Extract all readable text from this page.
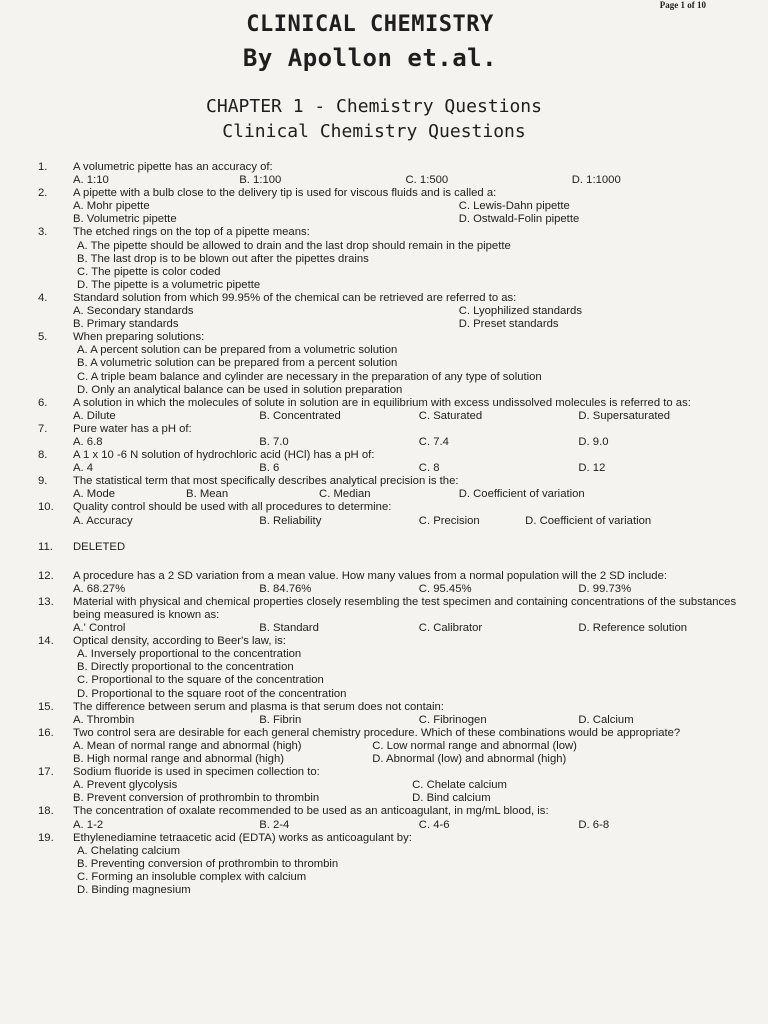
Page 1 of 10
CLINICAL CHEMISTRY
By Apollon et.al.
CHAPTER 1 - Chemistry Questions
Clinical Chemistry Questions
1.	A volumetric pipette has an accuracy of:
A. 1:10	B. 1:100	C. 1:500	D. 1:1000
2.	A pipette with a bulb close to the delivery tip is used for viscous fluids and is called a:
A. Mohr pipette	C. Lewis-Dahn pipette
B. Volumetric pipette	D. Ostwald-Folin pipette
3.	The etched rings on the top of a pipette means:
A. The pipette should be allowed to drain and the last drop should remain in the pipette
B. The last drop is to be blown out after the pipettes drains
C. The pipette is color coded
D. The pipette is a volumetric pipette
4.	Standard solution from which 99.95% of the chemical can be retrieved are referred to as:
A. Secondary standards	C. Lyophilized standards
B. Primary standards	D. Preset standards
5.	When preparing solutions:
A. A percent solution can be prepared from a volumetric solution
B. A volumetric solution can be prepared from a percent solution
C. A triple beam balance and cylinder are necessary in the preparation of any type of solution
D. Only an analytical balance can be used in solution preparation
6.	A solution in which the molecules of solute in solution are in equilibrium with excess undissolved molecules is referred to as:
A. Dilute	B. Concentrated	C. Saturated	D. Supersaturated
7.	Pure water has a pH of:
A. 6.8	B. 7.0	C. 7.4	D. 9.0
8.	A 1 x 10 -6 N solution of hydrochloric acid (HCl) has a pH of:
A. 4	B. 6	C. 8	D. 12
9.	The statistical term that most specifically describes analytical precision is the:
A. Mode	B. Mean	C. Median	D. Coefficient of variation
10.	Quality control should be used with all procedures to determine:
A. Accuracy	B. Reliability	C. Precision	D. Coefficient of variation
11.	DELETED
12.	A procedure has a 2 SD variation from a mean value. How many values from a normal population will the 2 SD include:
A. 68.27%	B. 84.76%	C. 95.45%	D. 99.73%
13.	Material with physical and chemical properties closely resembling the test specimen and containing concentrations of the substances being measured is known as:
A.' Control	B. Standard	C. Calibrator	D. Reference solution
14.	Optical density, according to Beer's law, is:
A. Inversely proportional to the concentration
B. Directly proportional to the concentration
C. Proportional to the square of the concentration
D. Proportional to the square root of the concentration
15.	The difference between serum and plasma is that serum does not contain:
A. Thrombin	B. Fibrin	C. Fibrinogen	D. Calcium
16.	Two control sera are desirable for each general chemistry procedure. Which of these combinations would be appropriate?
A. Mean of normal range and abnormal (high)	C. Low normal range and abnormal (low)
B. High normal range and abnormal (high)	D. Abnormal (low) and abnormal (high)
17.	Sodium fluoride is used in specimen collection to:
A. Prevent glycolysis	C. Chelate calcium
B. Prevent conversion of prothrombin to thrombin	D. Bind calcium
18.	The concentration of oxalate recommended to be used as an anticoagulant, in mg/mL blood, is:
A. 1-2	B. 2-4	C. 4-6	D. 6-8
19.	Ethylenediamine tetraacetic acid (EDTA) works as anticoagulant by:
A. Chelating calcium
B. Preventing conversion of prothrombin to thrombin
C. Forming an insoluble complex with calcium
D. Binding magnesium
